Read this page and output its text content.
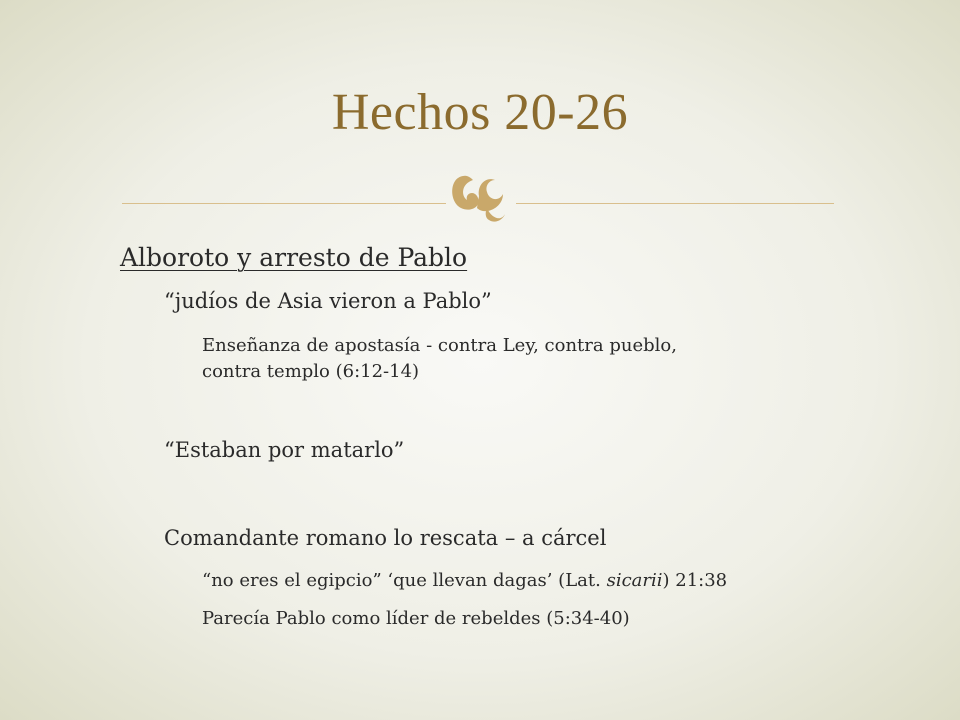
Hechos 20-26
Alboroto y arresto de Pablo
“judíos de Asia vieron a Pablo”
Enseñanza de apostasía - contra Ley, contra pueblo,
contra templo (6:12-14)
“Estaban por matarlo”
Comandante romano lo rescata – a cárcel
“no eres el egipcio” ‘que llevan dagas’ (Lat. sicarii) 21:38
Parecía Pablo como líder de rebeldes (5:34-40)
